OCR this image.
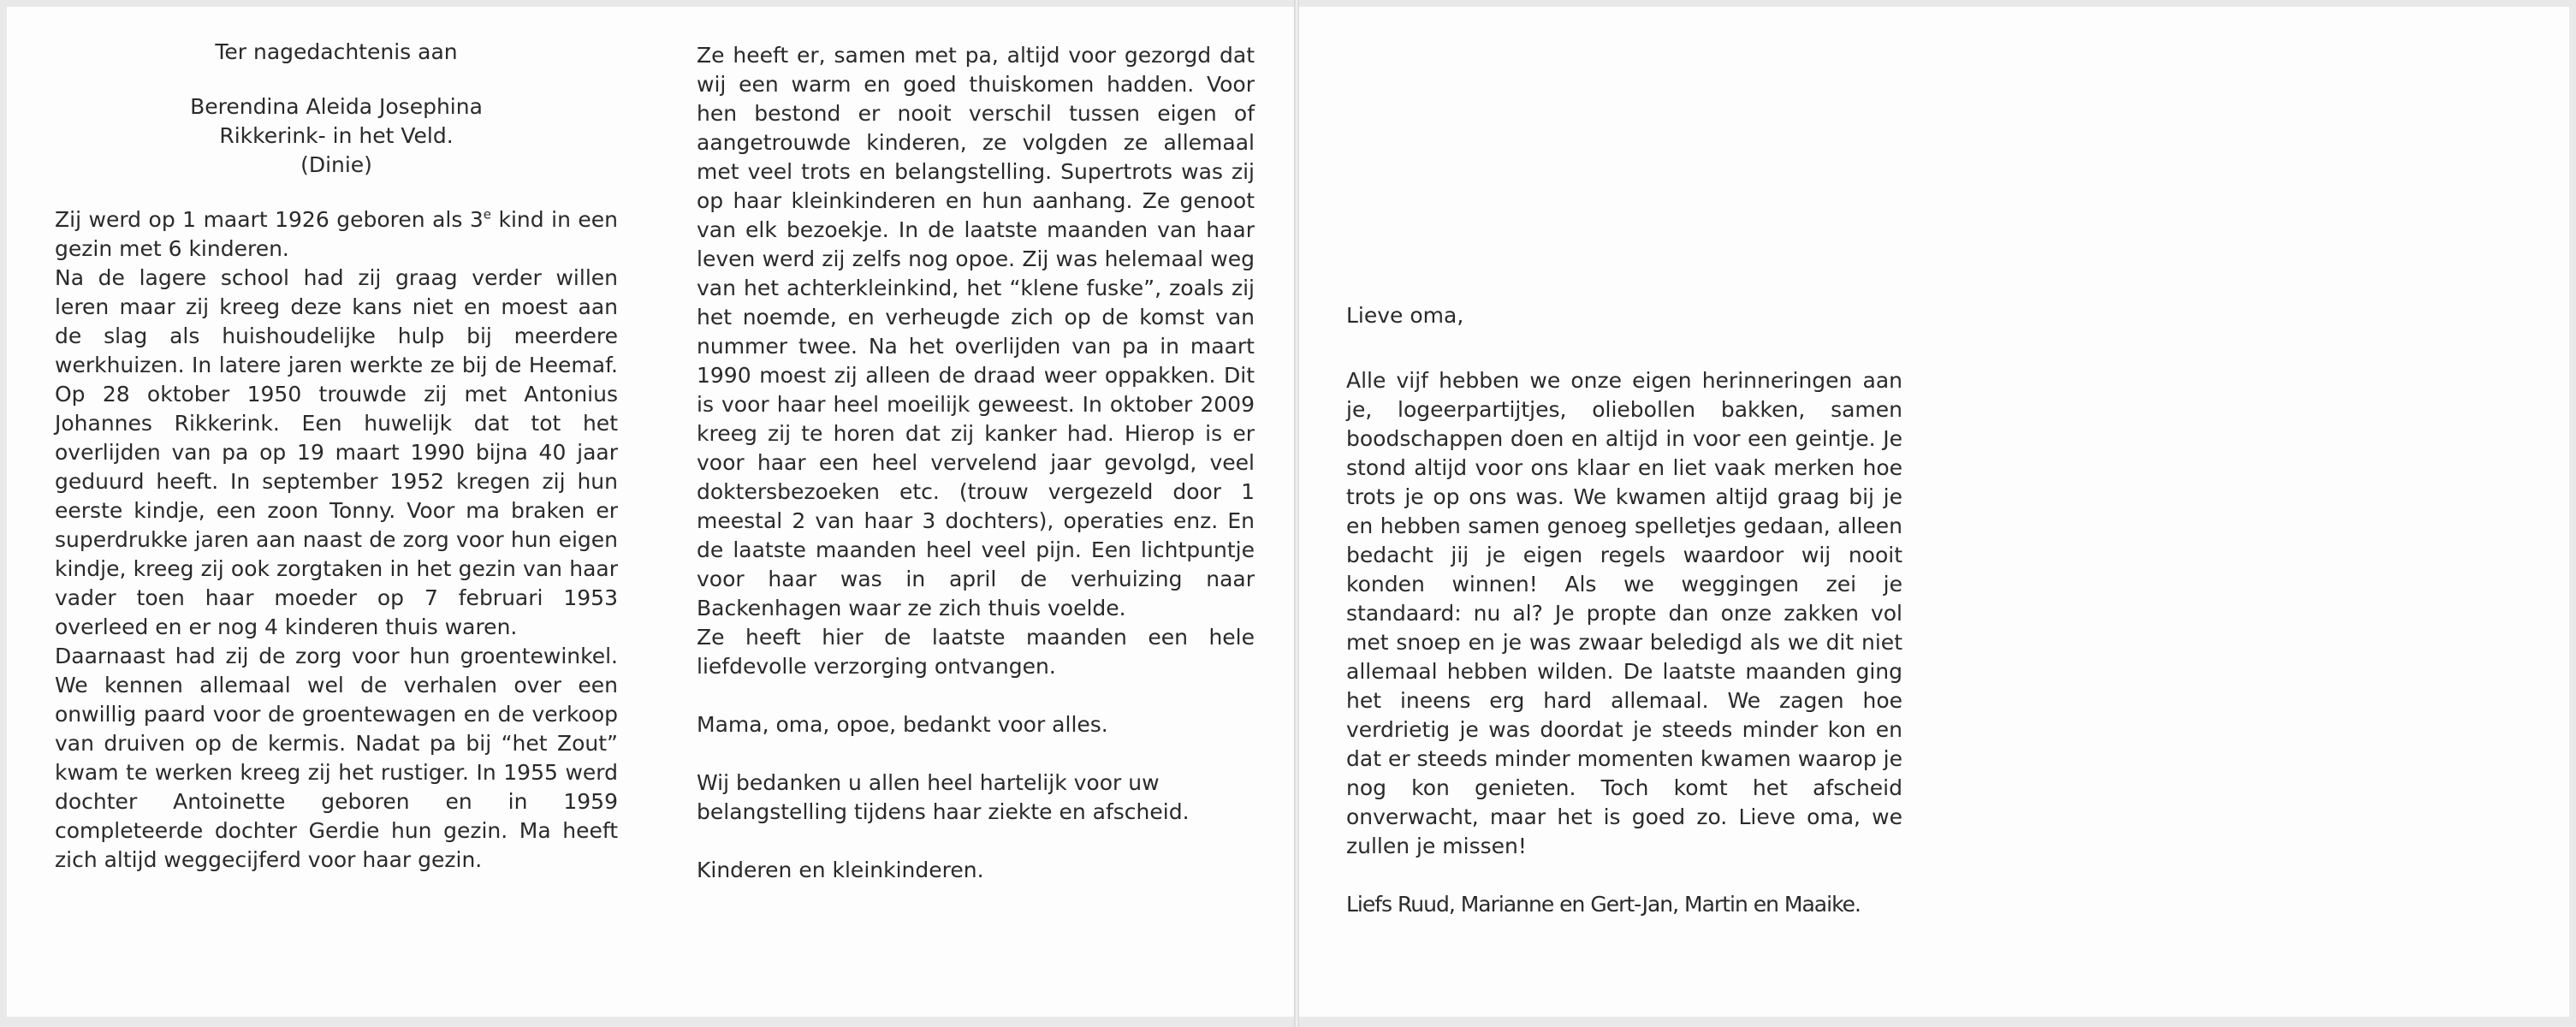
Ter nagedachtenis aan

Berendina Aleida Josephina

Rikkerink- in het Veld.

(Dinie)

Zij werd op 1 maart 1926 geboren als 3e kind in een gezin met 6 kinderen.

Na de lagere school had zij graag verder willen leren maar zij kreeg deze kans niet en moest aan de slag als huishoudelijke hulp bij meerdere werkhuizen. In latere jaren werkte ze bij de Heemaf. Op 28 oktober 1950 trouwde zij met Antonius Johannes Rikkerink. Een huwelijk dat tot het overlijden van pa op 19 maart 1990 bijna 40 jaar geduurd heeft. In september 1952 kregen zij hun eerste kindje, een zoon Tonny. Voor ma braken er superdrukke jaren aan naast de zorg voor hun eigen kindje, kreeg zij ook zorgtaken in het gezin van haar vader toen haar moeder op 7 februari 1953 overleed en er nog 4 kinderen thuis waren.

Daarnaast had zij de zorg voor hun groentewinkel. We kennen allemaal wel de verhalen over een onwillig paard voor de groentewagen en de verkoop van druiven op de kermis. Nadat pa bij “het Zout” kwam te werken kreeg zij het rustiger. In 1955 werd dochter Antoinette geboren en in 1959 completeerde dochter Gerdie hun gezin. Ma heeft zich altijd weggecijferd voor haar gezin.

Ze heeft er, samen met pa, altijd voor gezorgd dat wij een warm en goed thuiskomen hadden. Voor hen bestond er nooit verschil tussen eigen of aangetrouwde kinderen, ze volgden ze allemaal met veel trots en belangstelling. Supertrots was zij op haar kleinkinderen en hun aanhang. Ze genoot van elk bezoekje. In de laatste maanden van haar leven werd zij zelfs nog opoe. Zij was helemaal weg van het achterkleinkind, het “klene fuske”, zoals zij het noemde, en verheugde zich op de komst van nummer twee. Na het overlijden van pa in maart 1990 moest zij alleen de draad weer oppakken. Dit is voor haar heel moeilijk geweest. In oktober 2009 kreeg zij te horen dat zij kanker had. Hierop is er voor haar een heel vervelend jaar gevolgd, veel doktersbezoeken etc. (trouw vergezeld door 1 meestal 2 van haar 3 dochters), operaties enz. En de laatste maanden heel veel pijn. Een lichtpuntje voor haar was in april de verhuizing naar Backenhagen waar ze zich thuis voelde.

Ze heeft hier de laatste maanden een hele liefdevolle verzorging ontvangen.

Mama, oma, opoe, bedankt voor alles.

Wij bedanken u allen heel hartelijk voor uw belangstelling tijdens haar ziekte en afscheid.

Kinderen en kleinkinderen.

Lieve oma,

Alle vijf hebben we onze eigen herinneringen aan je, logeerpartijtjes, oliebollen bakken, samen boodschappen doen en altijd in voor een geintje. Je stond altijd voor ons klaar en liet vaak merken hoe trots je op ons was. We kwamen altijd graag bij je en hebben samen genoeg spelletjes gedaan, alleen bedacht jij je eigen regels waardoor wij nooit konden winnen! Als we weggingen zei je standaard: nu al? Je propte dan onze zakken vol met snoep en je was zwaar beledigd als we dit niet allemaal hebben wilden. De laatste maanden ging het ineens erg hard allemaal. We zagen hoe verdrietig je was doordat je steeds minder kon en dat er steeds minder momenten kwamen waarop je nog kon genieten. Toch komt het afscheid onverwacht, maar het is goed zo. Lieve oma, we zullen je missen!

Liefs Ruud, Marianne en Gert-Jan, Martin en Maaike.
